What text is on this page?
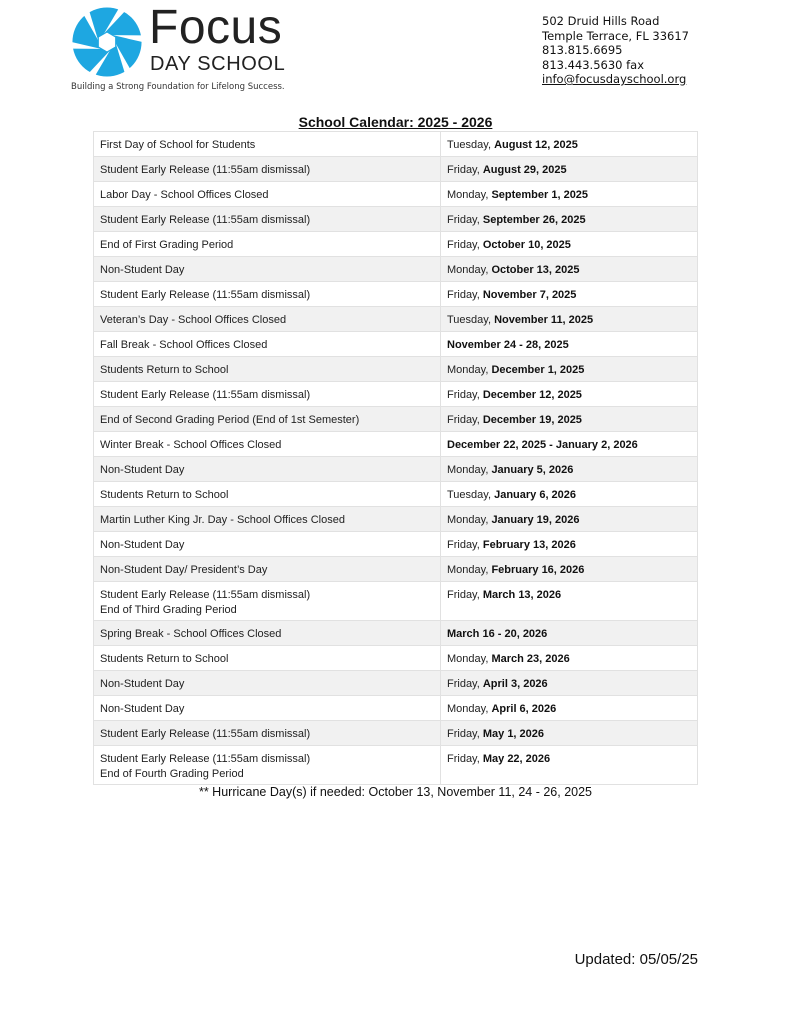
Focus
DAY SCHOOL
Building a Strong Foundation for Lifelong Success.
502 Druid Hills Road
Temple Terrace, FL 33617
813.815.6695
813.443.5630 fax
info@focusdayschool.org
School Calendar: 2025 - 2026
First Day of School for Students	Tuesday, August 12, 2025

Student Early Release (11:55am dismissal)	Friday, August 29, 2025

Labor Day - School Offices Closed	Monday, September 1, 2025

Student Early Release (11:55am dismissal)	Friday, September 26, 2025

End of First Grading Period	Friday, October 10, 2025

Non-Student Day	Monday, October 13, 2025

Student Early Release (11:55am dismissal)	Friday, November 7, 2025

Veteran’s Day - School Offices Closed	Tuesday, November 11, 2025

Fall Break - School Offices Closed	November 24 - 28, 2025

Students Return to School	Monday, December 1, 2025

Student Early Release (11:55am dismissal)	Friday, December 12, 2025

End of Second Grading Period (End of 1st Semester)	Friday, December 19, 2025

Winter Break - School Offices Closed	December 22, 2025 - January 2, 2026

Non-Student Day	Monday, January 5, 2026

Students Return to School	Tuesday, January 6, 2026

Martin Luther King Jr. Day - School Offices Closed	Monday, January 19, 2026

Non-Student Day	Friday, February 13, 2026

Non-Student Day/ President’s Day	Monday, February 16, 2026

Student Early Release (11:55am dismissal)
End of Third Grading Period	Friday, March 13, 2026

Spring Break - School Offices Closed	March 16 - 20, 2026

Students Return to School	Monday, March 23, 2026

Non-Student Day	Friday, April 3, 2026

Non-Student Day	Monday, April 6, 2026

Student Early Release (11:55am dismissal)	Friday, May 1, 2026

Student Early Release (11:55am dismissal)
End of Fourth Grading Period	Friday, May 22, 2026
** Hurricane Day(s) if needed: October 13, November 11, 24 - 26, 2025
Updated: 05/05/25
